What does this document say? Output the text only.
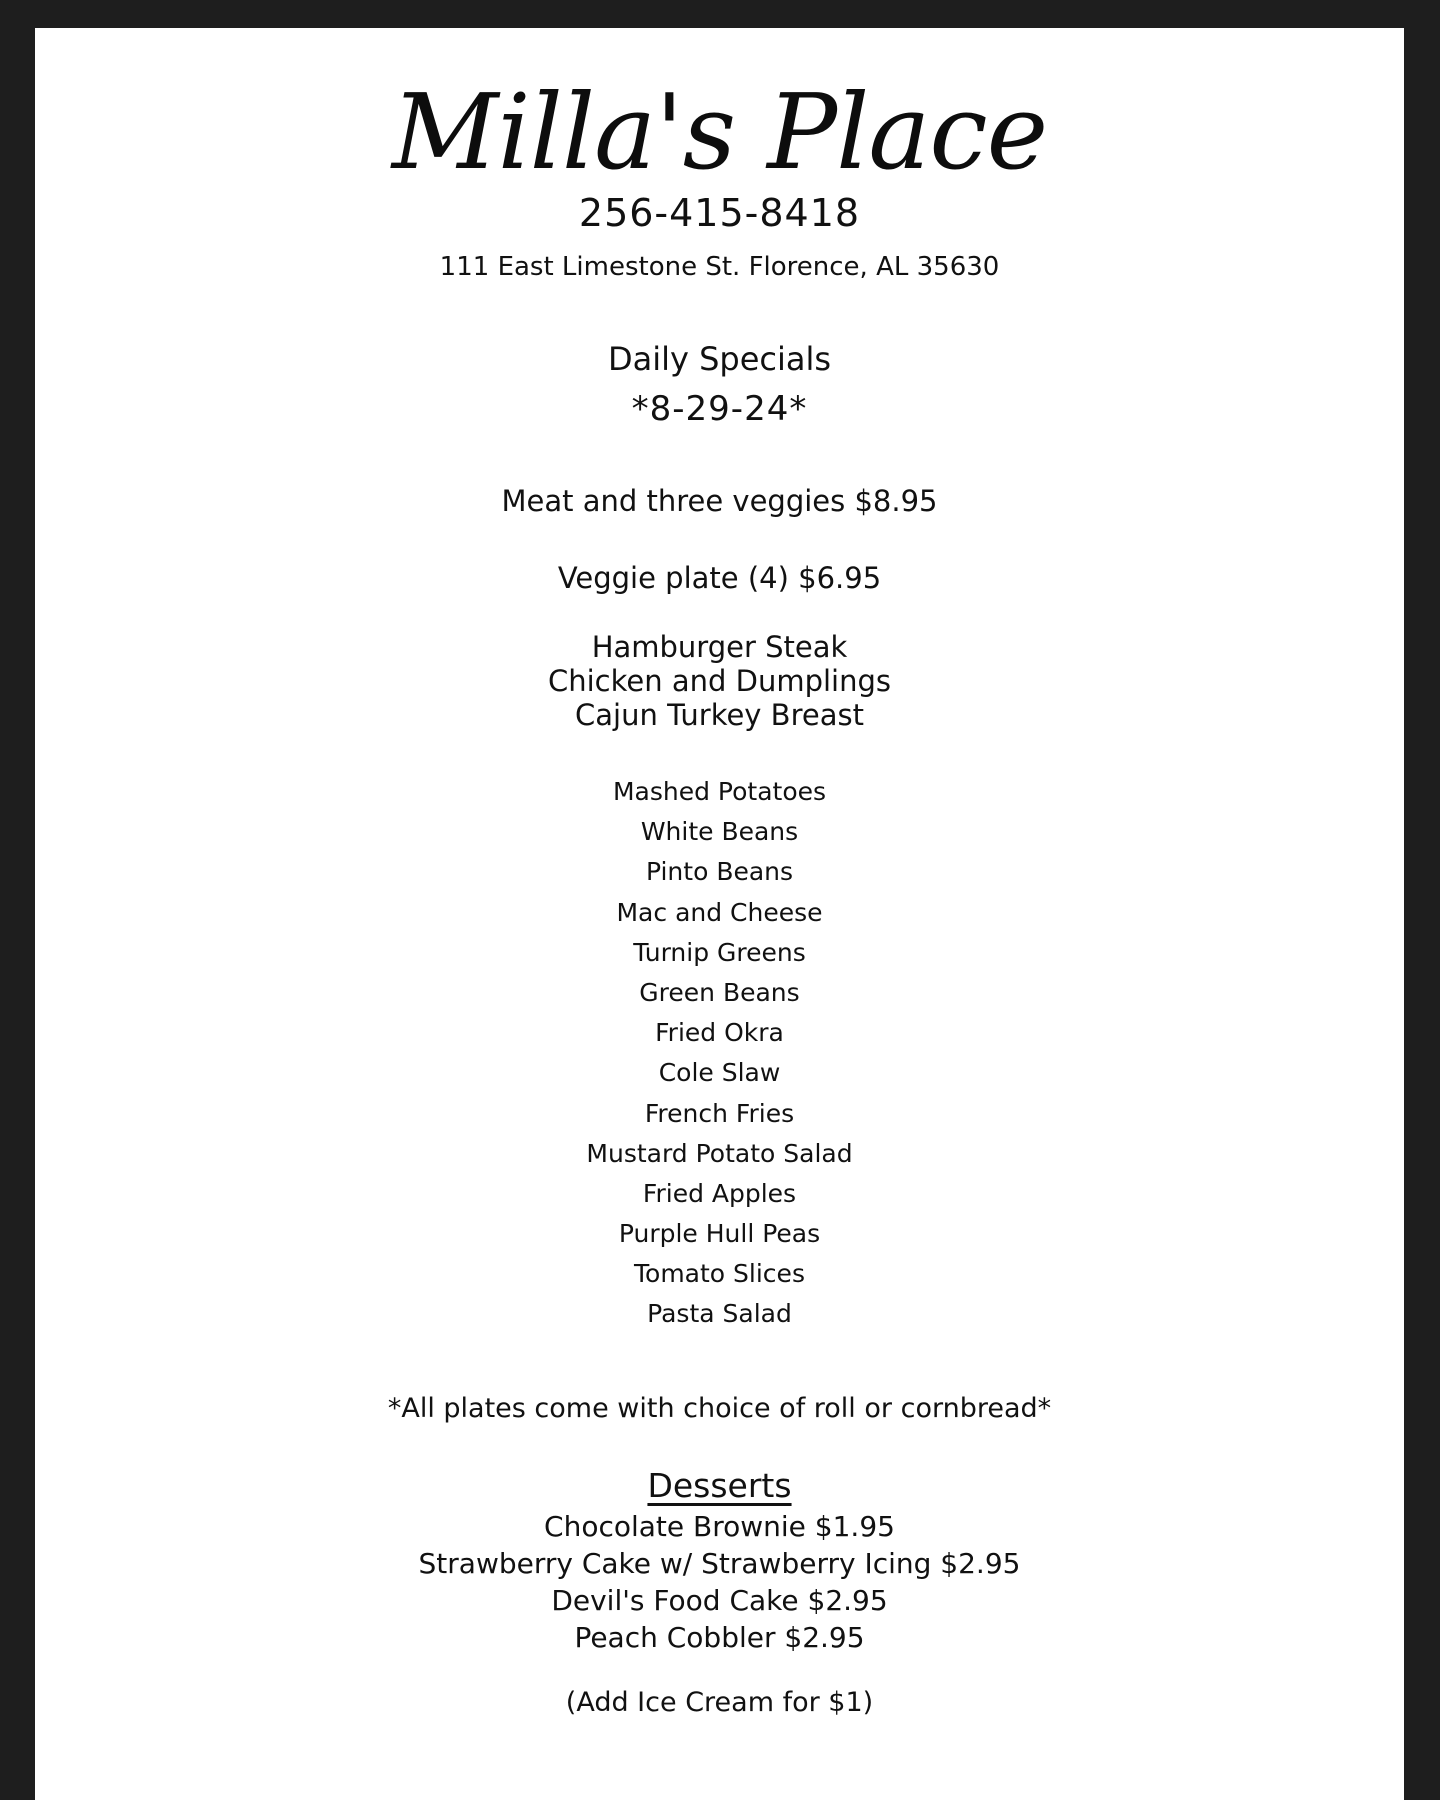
Milla's Place
256-415-8418
111 East Limestone St. Florence, AL 35630
Daily Specials
*8-29-24*
Meat and three veggies $8.95
Veggie plate (4) $6.95
Hamburger Steak
Chicken and Dumplings
Cajun Turkey Breast
Mashed Potatoes
White Beans
Pinto Beans
Mac and Cheese
Turnip Greens
Green Beans
Fried Okra
Cole Slaw
French Fries
Mustard Potato Salad
Fried Apples
Purple Hull Peas
Tomato Slices
Pasta Salad
*All plates come with choice of roll or cornbread*
Desserts
Chocolate Brownie $1.95
Strawberry Cake w/ Strawberry Icing $2.95
Devil's Food Cake $2.95
Peach Cobbler $2.95
(Add Ice Cream for $1)
